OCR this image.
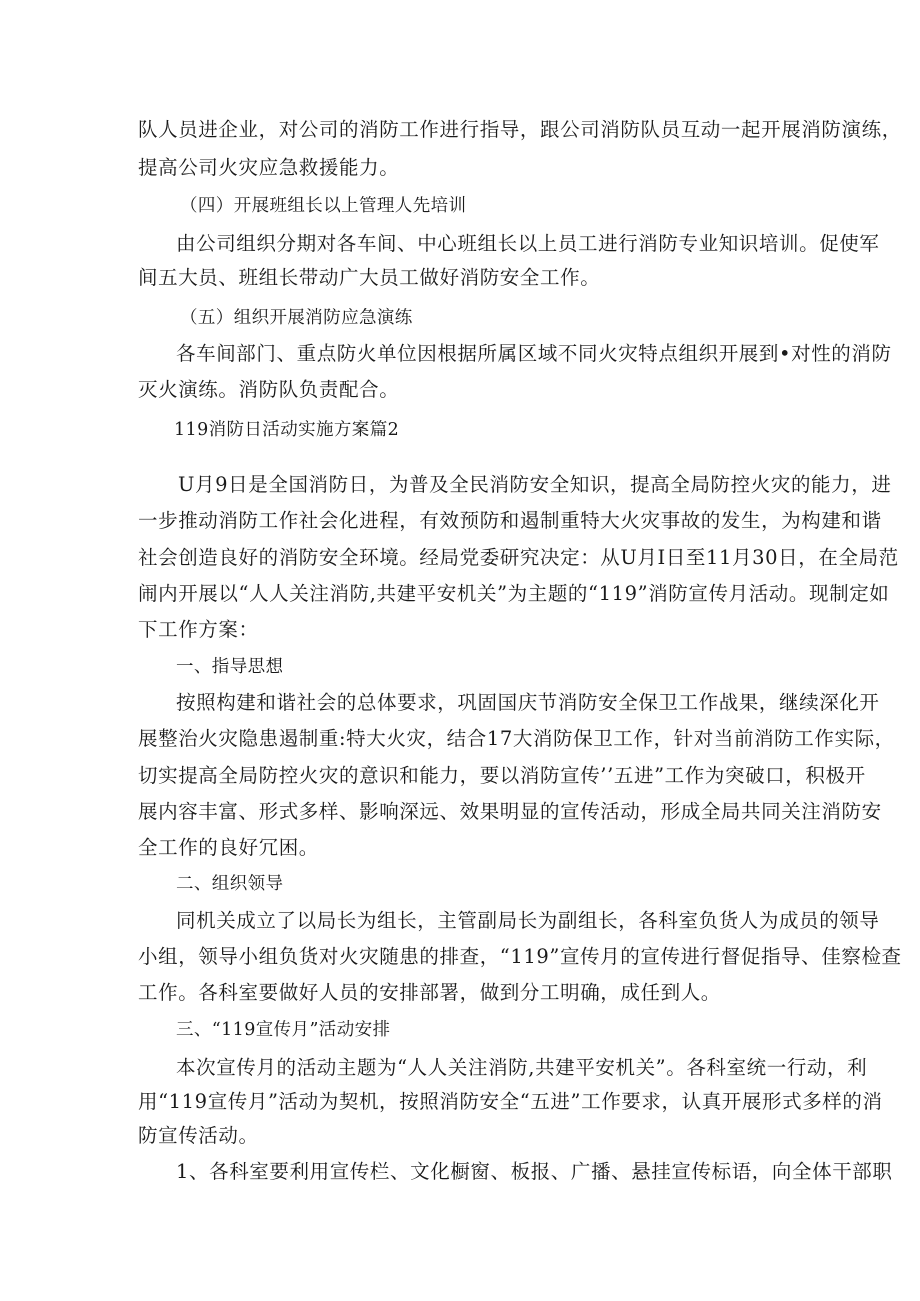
队人员进企业，对公司的消防工作进行指导，跟公司消防队员互动一起开展消防演练，
提高公司火灾应急救援能力。
（四）开展班组长以上管理人先培训
由公司组织分期对各车间、中心班组长以上员工进行消防专业知识培训。促使军
间五大员、班组长带动广大员工做好消防安全工作。
（五）组织开展消防应急演练
各车间部门、重点防火单位因根据所属区域不同火灾特点组织开展到•对性的消防
灭火演练。消防队负责配合。
119消防日活动实施方案篇2
U月9日是全国消防日，为普及全民消防安全知识，提高全局防控火灾的能力，进
一步推动消防工作社会化进程，有效预防和遏制重特大火灾事故的发生，为构建和谐
社会创造良好的消防安全环境。经局党委研究决定：从U月I日至11月30日，在全局范
闹内开展以“人人关注消防,共建平安机关”为主题的“119”消防宣传月活动。现制定如
下工作方案：
一、指导思想
按照构建和谐社会的总体要求，巩固国庆节消防安全保卫工作战果，继续深化开
展整治火灾隐患遏制重:特大火灾，结合17大消防保卫工作，针对当前消防工作实际，
切实提高全局防控火灾的意识和能力，要以消防宣传’’五进”工作为突破口，积极开
展内容丰富、形式多样、影响深远、效果明显的宣传活动，形成全局共同关注消防安
全工作的良好冗困。
二、组织领导
同机关成立了以局长为组长，主管副局长为副组长，各科室负货人为成员的领导
小组，领导小组负货对火灾随患的排查，“119”宣传月的宣传进行督促指导、佳察检查
工作。各科室要做好人员的安排部署，做到分工明确，成任到人。
三、“119宣传月”活动安排
本次宣传月的活动主题为“人人关注消防,共建平安机关”。各科室统一行动，利
用“119宣传月”活动为契机，按照消防安全“五进”工作要求，认真开展形式多样的消
防宣传活动。
1、各科室要利用宣传栏、文化橱窗、板报、广播、悬挂宣传标语，向全体干部职
